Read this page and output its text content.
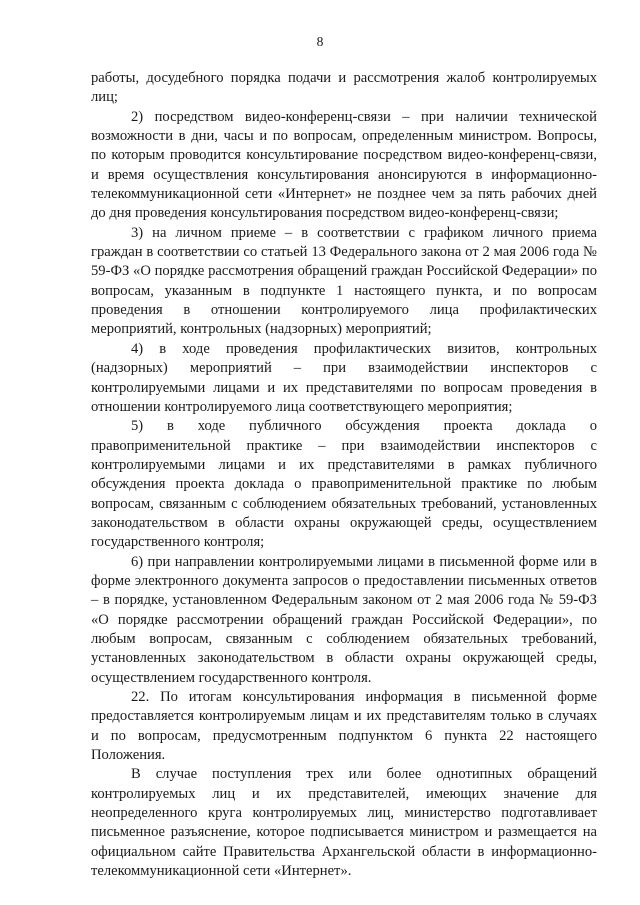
8

работы, досудебного порядка подачи и рассмотрения жалоб контролируемых лиц;

2) посредством видео-конференц-связи – при наличии технической возможности в дни, часы и по вопросам, определенным министром. Вопросы, по которым проводится консультирование посредством видео-конференц-связи, и время осуществления консультирования анонсируются в информационно-телекоммуникационной сети «Интернет» не позднее чем за пять рабочих дней до дня проведения консультирования посредством видео-конференц-связи;

3) на личном приеме – в соответствии с графиком личного приема граждан в соответствии со статьей 13 Федерального закона от 2 мая 2006 года № 59-ФЗ «О порядке рассмотрения обращений граждан Российской Федерации» по вопросам, указанным в подпункте 1 настоящего пункта, и по вопросам проведения в отношении контролируемого лица профилактических мероприятий, контрольных (надзорных) мероприятий;

4) в ходе проведения профилактических визитов, контрольных (надзорных) мероприятий – при взаимодействии инспекторов с контролируемыми лицами и их представителями по вопросам проведения в отношении контролируемого лица соответствующего мероприятия;

5) в ходе публичного обсуждения проекта доклада о правоприменительной практике – при взаимодействии инспекторов с контролируемыми лицами и их представителями в рамках публичного обсуждения проекта доклада о правоприменительной практике по любым вопросам, связанным с соблюдением обязательных требований, установленных законодательством в области охраны окружающей среды, осуществлением государственного контроля;

6) при направлении контролируемыми лицами в письменной форме или в форме электронного документа запросов о предоставлении письменных ответов – в порядке, установленном Федеральным законом от 2 мая 2006 года № 59-ФЗ «О порядке рассмотрении обращений граждан Российской Федерации», по любым вопросам, связанным с соблюдением обязательных требований, установленных законодательством в области охраны окружающей среды, осуществлением государственного контроля.

22. По итогам консультирования информация в письменной форме предоставляется контролируемым лицам и их представителям только в случаях и по вопросам, предусмотренным подпунктом 6 пункта 22 настоящего Положения.

В случае поступления трех или более однотипных обращений контролируемых лиц и их представителей, имеющих значение для неопределенного круга контролируемых лиц, министерство подготавливает письменное разъяснение, которое подписывается министром и размещается на официальном сайте Правительства Архангельской области в информационно-телекоммуникационной сети «Интернет».
